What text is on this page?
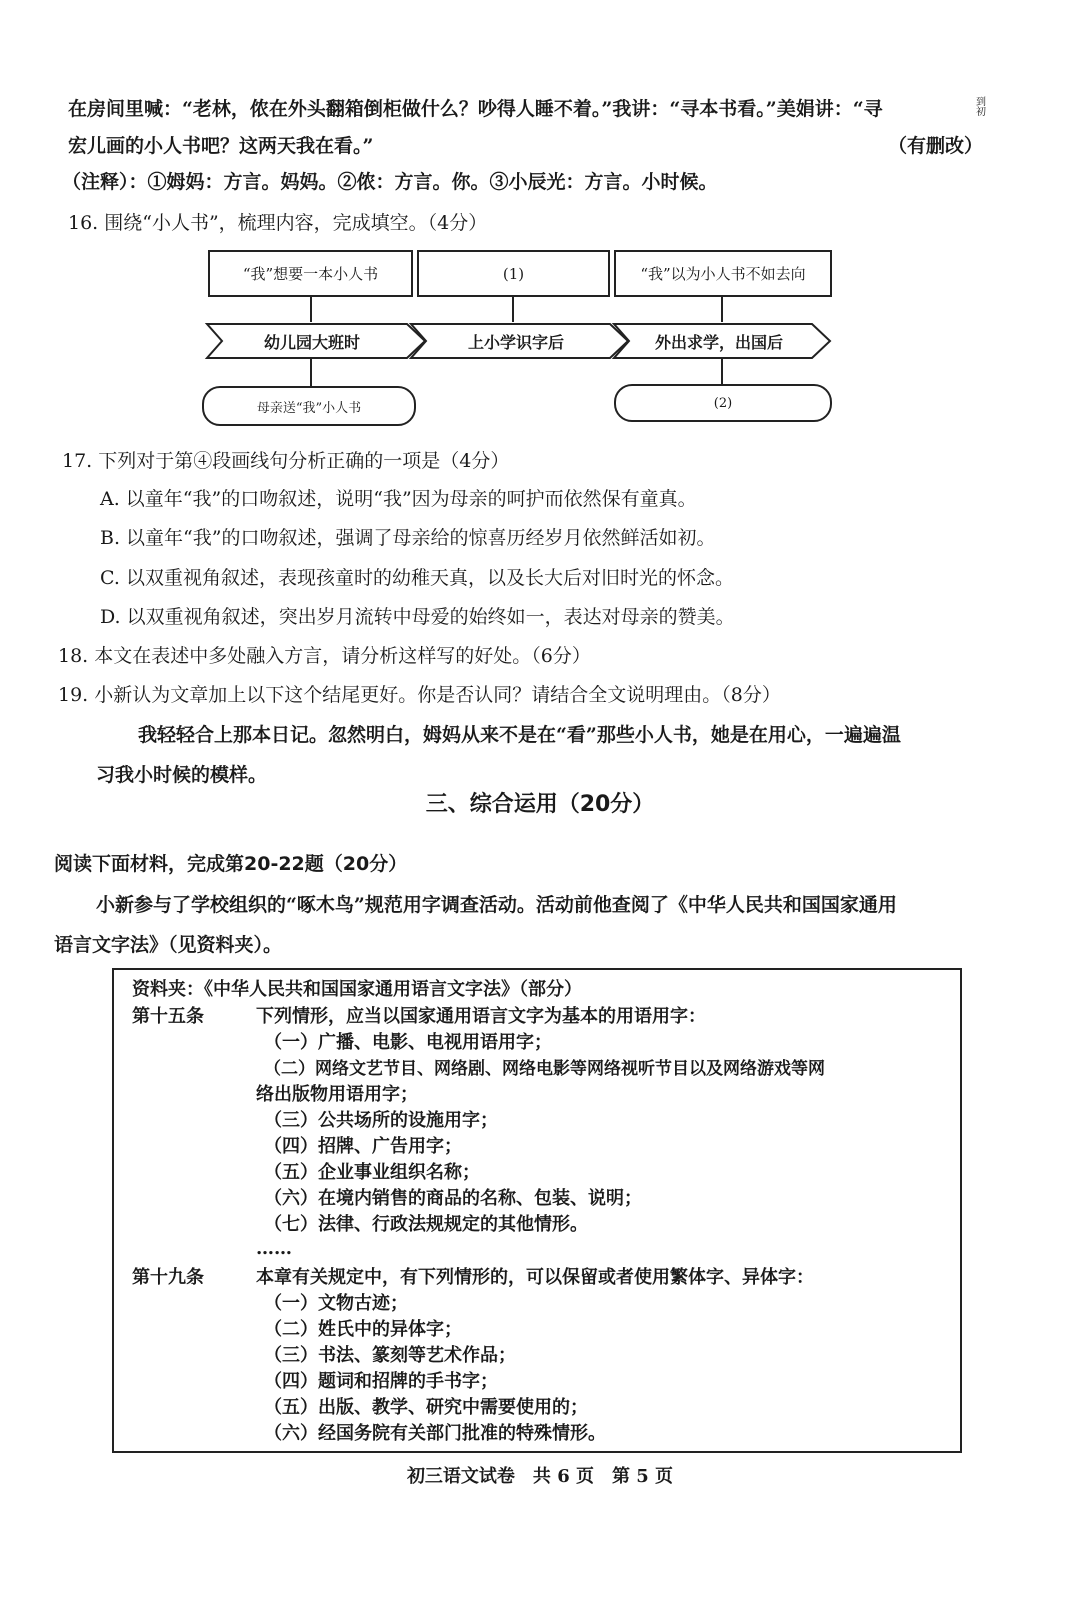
在房间里喊：“老林，侬在外头翻箱倒柜做什么？吵得人睡不着。”我讲：“寻本书看。”美娟讲：“寻	到 初
宏儿画的小人书吧？这两天我在看。”	（有删改）
（注释）：①姆妈：方言。妈妈。②侬：方言。你。③小辰光：方言。小时候。
16. 围绕“小人书”，梳理内容，完成填空。（4分）
“我”想要一本小人书	(1)	“我”以为小人书不如去向
幼儿园大班时	上小学识字后	外出求学，出国后
母亲送“我”小人书	(2)
17. 下列对于第④段画线句分析正确的一项是（4分）
A. 以童年“我”的口吻叙述，说明“我”因为母亲的呵护而依然保有童真。
B. 以童年“我”的口吻叙述，强调了母亲给的惊喜历经岁月依然鲜活如初。
C. 以双重视角叙述，表现孩童时的幼稚天真，以及长大后对旧时光的怀念。
D. 以双重视角叙述，突出岁月流转中母爱的始终如一，表达对母亲的赞美。
18. 本文在表述中多处融入方言，请分析这样写的好处。（6分）
19. 小新认为文章加上以下这个结尾更好。你是否认同？请结合全文说明理由。（8分）
我轻轻合上那本日记。忽然明白，姆妈从来不是在“看”那些小人书，她是在用心，一遍遍温
习我小时候的模样。
三、综合运用（20分）
阅读下面材料，完成第20-22题（20分）
小新参与了学校组织的“啄木鸟”规范用字调查活动。活动前他查阅了《中华人民共和国国家通用
语言文字法》（见资料夹）。
资料夹：《中华人民共和国国家通用语言文字法》（部分）
第十五条	下列情形，应当以国家通用语言文字为基本的用语用字：
（一）广播、电影、电视用语用字；
（二）网络文艺节目、网络剧、网络电影等网络视听节目以及网络游戏等网
络出版物用语用字；
（三）公共场所的设施用字；
（四）招牌、广告用字；
（五）企业事业组织名称；
（六）在境内销售的商品的名称、包装、说明；
（七）法律、行政法规规定的其他情形。
……
第十九条	本章有关规定中，有下列情形的，可以保留或者使用繁体字、异体字：
（一）文物古迹；
（二）姓氏中的异体字；
（三）书法、篆刻等艺术作品；
（四）题词和招牌的手书字；
（五）出版、教学、研究中需要使用的；
（六）经国务院有关部门批准的特殊情形。
初三语文试卷　共 6 页　第 5 页
